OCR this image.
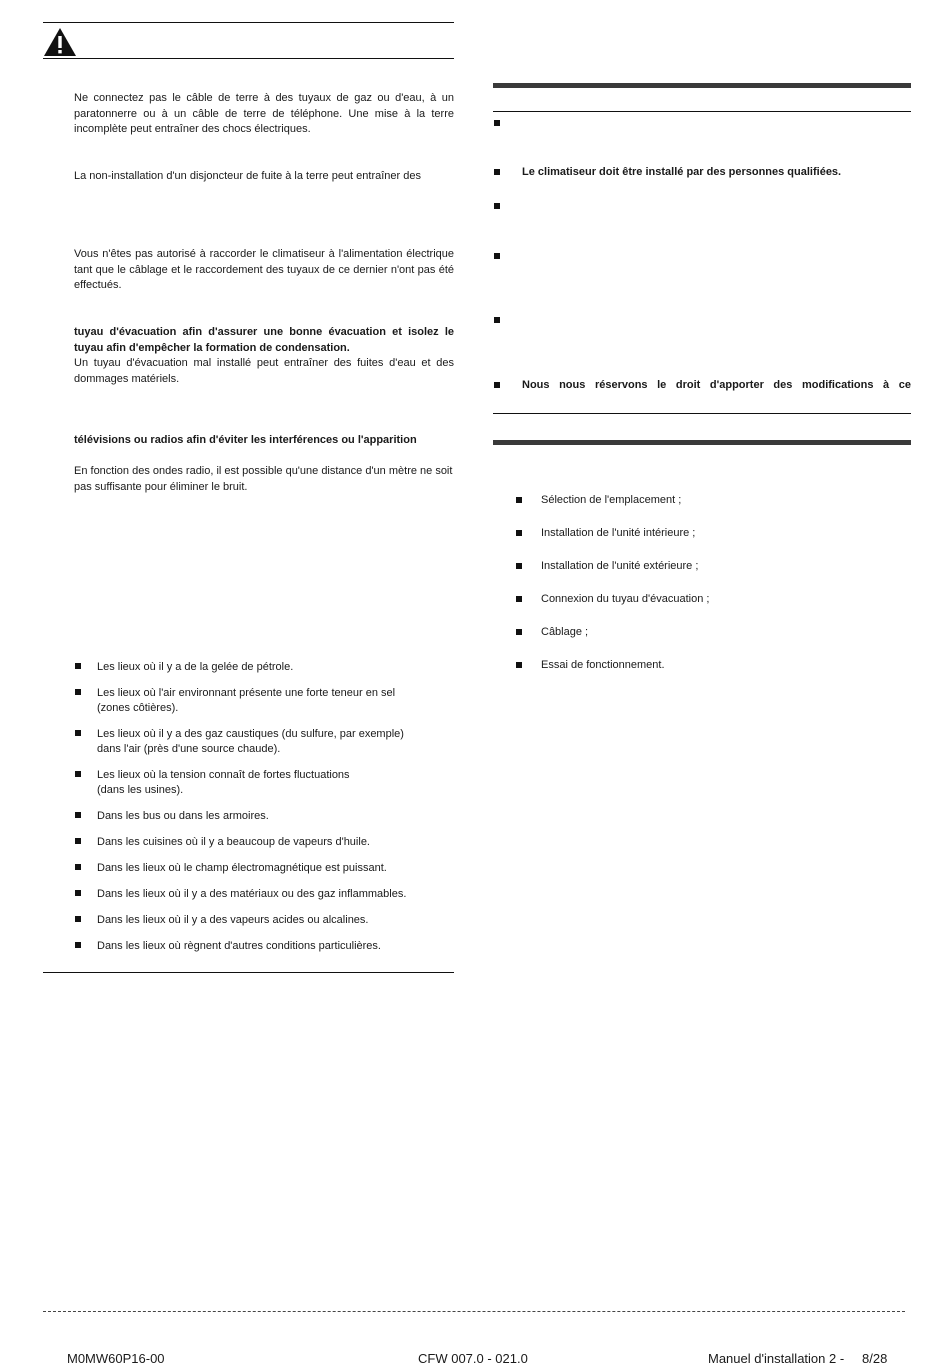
Ne connectez pas le câble de terre à des tuyaux de gaz ou d'eau, à un paratonnerre ou à un câble de terre de téléphone. Une mise à la terre incomplète peut entraîner des chocs électriques.
La non-installation d'un disjoncteur de fuite à la terre peut entraîner des
Vous n'êtes pas autorisé à raccorder le climatiseur à l'alimentation électrique tant que le câblage et le raccordement des tuyaux de ce dernier n'ont pas été effectués.
tuyau d'évacuation afin d'assurer une bonne évacuation et isolez le tuyau afin d'empêcher la formation de condensation.
Un tuyau d'évacuation mal installé peut entraîner des fuites d'eau et des dommages matériels.
télévisions ou radios afin d'éviter les interférences ou l'apparition
En fonction des ondes radio, il est possible qu'une distance d'un mètre ne soit pas suffisante pour éliminer le bruit.
Les lieux où il y a de la gelée de pétrole.
Les lieux où l'air environnant présente une forte teneur en sel
(zones côtières).
Les lieux où il y a des gaz caustiques (du sulfure, par exemple)
dans l'air (près d'une source chaude).
Les lieux où la tension connaît de fortes fluctuations
(dans les usines).
Dans les bus ou dans les armoires.
Dans les cuisines où il y a beaucoup de vapeurs d'huile.
Dans les lieux où le champ électromagnétique est puissant.
Dans les lieux où il y a des matériaux ou des gaz inflammables.
Dans les lieux où il y a des vapeurs acides ou alcalines.
Dans les lieux où règnent d'autres conditions particulières.
Le climatiseur doit être installé par des personnes qualifiées.
Nous nous réservons le droit d'apporter des modifications à ce
Sélection de l'emplacement ;
Installation de l'unité intérieure ;
Installation de l'unité extérieure ;
Connexion du tuyau d'évacuation ;
Câblage ;
Essai de fonctionnement.
M0MW60P16-00	CFW 007.0 - 021.0	Manuel d'installation 2 - 8/28
